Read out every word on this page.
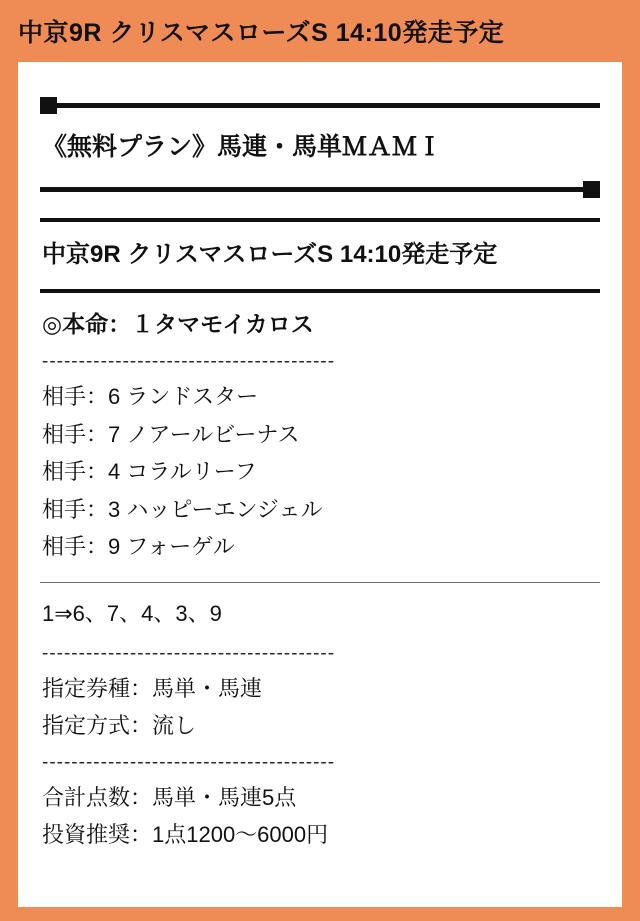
中京9R クリスマスローズS 14:10発走予定
《無料プラン》馬連・馬単ＭＡＭＩ
中京9R クリスマスローズS 14:10発走予定
◎本命：１タマモイカロス
----------------------------------------
相手：6 ランドスター
相手：7 ノアールビーナス
相手：4 コラルリーフ
相手：3 ハッピーエンジェル
相手：9 フォーゲル
1⇒6、7、4、3、9
----------------------------------------
指定券種：馬単・馬連
指定方式：流し
----------------------------------------
合計点数：馬単・馬連5点
投資推奨：1点1200〜6000円
